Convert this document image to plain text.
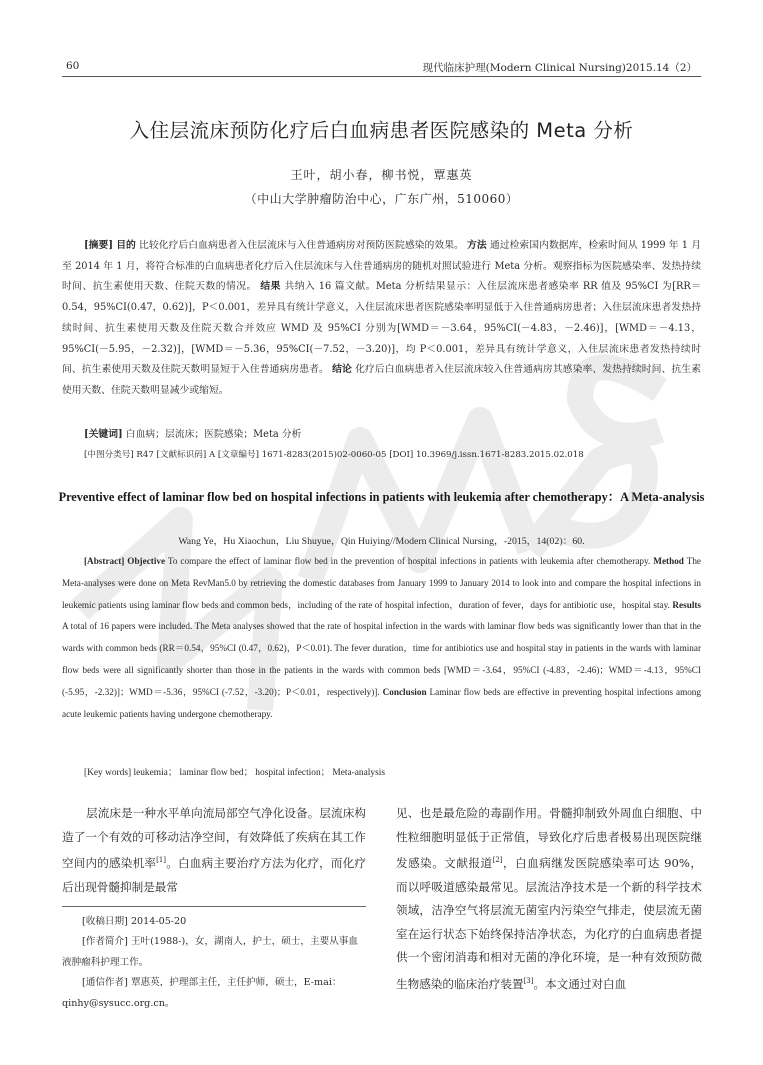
60	现代临床护理(Modern Clinical Nursing)2015.14（2）
入住层流床预防化疗后白血病患者医院感染的 Meta 分析
王叶，胡小春，柳书悦，覃惠英
（中山大学肿瘤防治中心，广东广州，510060）
[摘要] 目的 比较化疗后白血病患者入住层流床与入住普通病房对预防医院感染的效果。 方法 通过检索国内数据库，检索时间从 1999 年 1 月至 2014 年 1 月，将符合标准的白血病患者化疗后入住层流床与入住普通病房的随机对照试验进行 Meta 分析。观察指标为医院感染率、发热持续时间、抗生素使用天数、住院天数的情况。 结果 共纳入 16 篇文献。Meta 分析结果显示：入住层流床患者感染率 RR 值及 95%CI 为[RR＝0.54，95%CI(0.47，0.62)]，P＜0.001，差异具有统计学意义，入住层流床患者医院感染率明显低于入住普通病房患者；入住层流床患者发热持续时间、抗生素使用天数及住院天数合并效应 WMD 及 95%CI 分别为[WMD＝－3.64，95%CI(－4.83，－2.46)]，[WMD＝－4.13，95%CI(－5.95，－2.32)]，[WMD＝－5.36，95%CI(－7.52，－3.20)]，均 P＜0.001，差异具有统计学意义，入住层流床患者发热持续时间、抗生素使用天数及住院天数明显短于入住普通病房患者。 结论 化疗后白血病患者入住层流床较入住普通病房其感染率、发热持续时间、抗生素使用天数、住院天数明显减少或缩短。
[关键词] 白血病；层流床；医院感染；Meta 分析
[中图分类号] R47 [文献标识码] A [文章编号] 1671-8283(2015)02-0060-05 [DOI] 10.3969/j.issn.1671-8283.2015.02.018
Preventive effect of laminar flow bed on hospital infections in patients with leukemia after chemotherapy：A Meta-analysis
Wang Ye，Hu Xiaochun，Liu Shuyue，Qin Huiying//Modern Clinical Nursing，-2015，14(02)：60.
[Abstract] Objective To compare the effect of laminar flow bed in the prevention of hospital infections in patients with leukemia after chemotherapy. Method The Meta-analyses were done on Meta RevMan5.0 by retrieving the domestic databases from January 1999 to January 2014 to look into and compare the hospital infections in leukemic patients using laminar flow beds and common beds，including of the rate of hospital infection，duration of fever，days for antibiotic use，hospital stay. Results A total of 16 papers were included. The Meta analyses showed that the rate of hospital infection in the wards with laminar flow beds was significantly lower than that in the wards with common beds (RR＝0.54，95%CI (0.47，0.62)，P＜0.01). The fever duration，time for antibiotics use and hospital stay in patients in the wards with laminar flow beds were all significantly shorter than those in the patients in the wards with common beds [WMD＝-3.64，95%CI (-4.83，-2.46)；WMD＝-4.13，95%CI (-5.95，-2.32)]；WMD＝-5.36，95%CI (-7.52，-3.20)；P＜0.01，respectively)]. Conclusion Laminar flow beds are effective in preventing hospital infections among acute leukemic patients having undergone chemotherapy.
[Key words] leukemia； laminar flow bed； hospital infection； Meta-analysis
层流床是一种水平单向流局部空气净化设备。层流床构造了一个有效的可移动洁净空间，有效降低了疾病在其工作空间内的感染机率[1]。白血病主要治疗方法为化疗，而化疗后出现骨髓抑制是最常
[收稿日期] 2014-05-20
[作者简介] 王叶(1988-)，女，湖南人，护士，硕士，主要从事血液肿瘤科护理工作。
[通信作者] 覃惠英，护理部主任，主任护师，硕士，E-mai：qinhy@sysucc.org.cn。
见、也是最危险的毒副作用。骨髓抑制致外周血白细胞、中性粒细胞明显低于正常值，导致化疗后患者极易出现医院继发感染。文献报道[2]，白血病继发医院感染率可达 90%，而以呼吸道感染最常见。层流洁净技术是一个新的科学技术领域，洁净空气将层流无菌室内污染空气排走，使层流无菌室在运行状态下始终保持洁净状态，为化疗的白血病患者提供一个密闭消毒和相对无菌的净化环境，是一种有效预防微生物感染的临床治疗装置[3]。本文通过对白血
